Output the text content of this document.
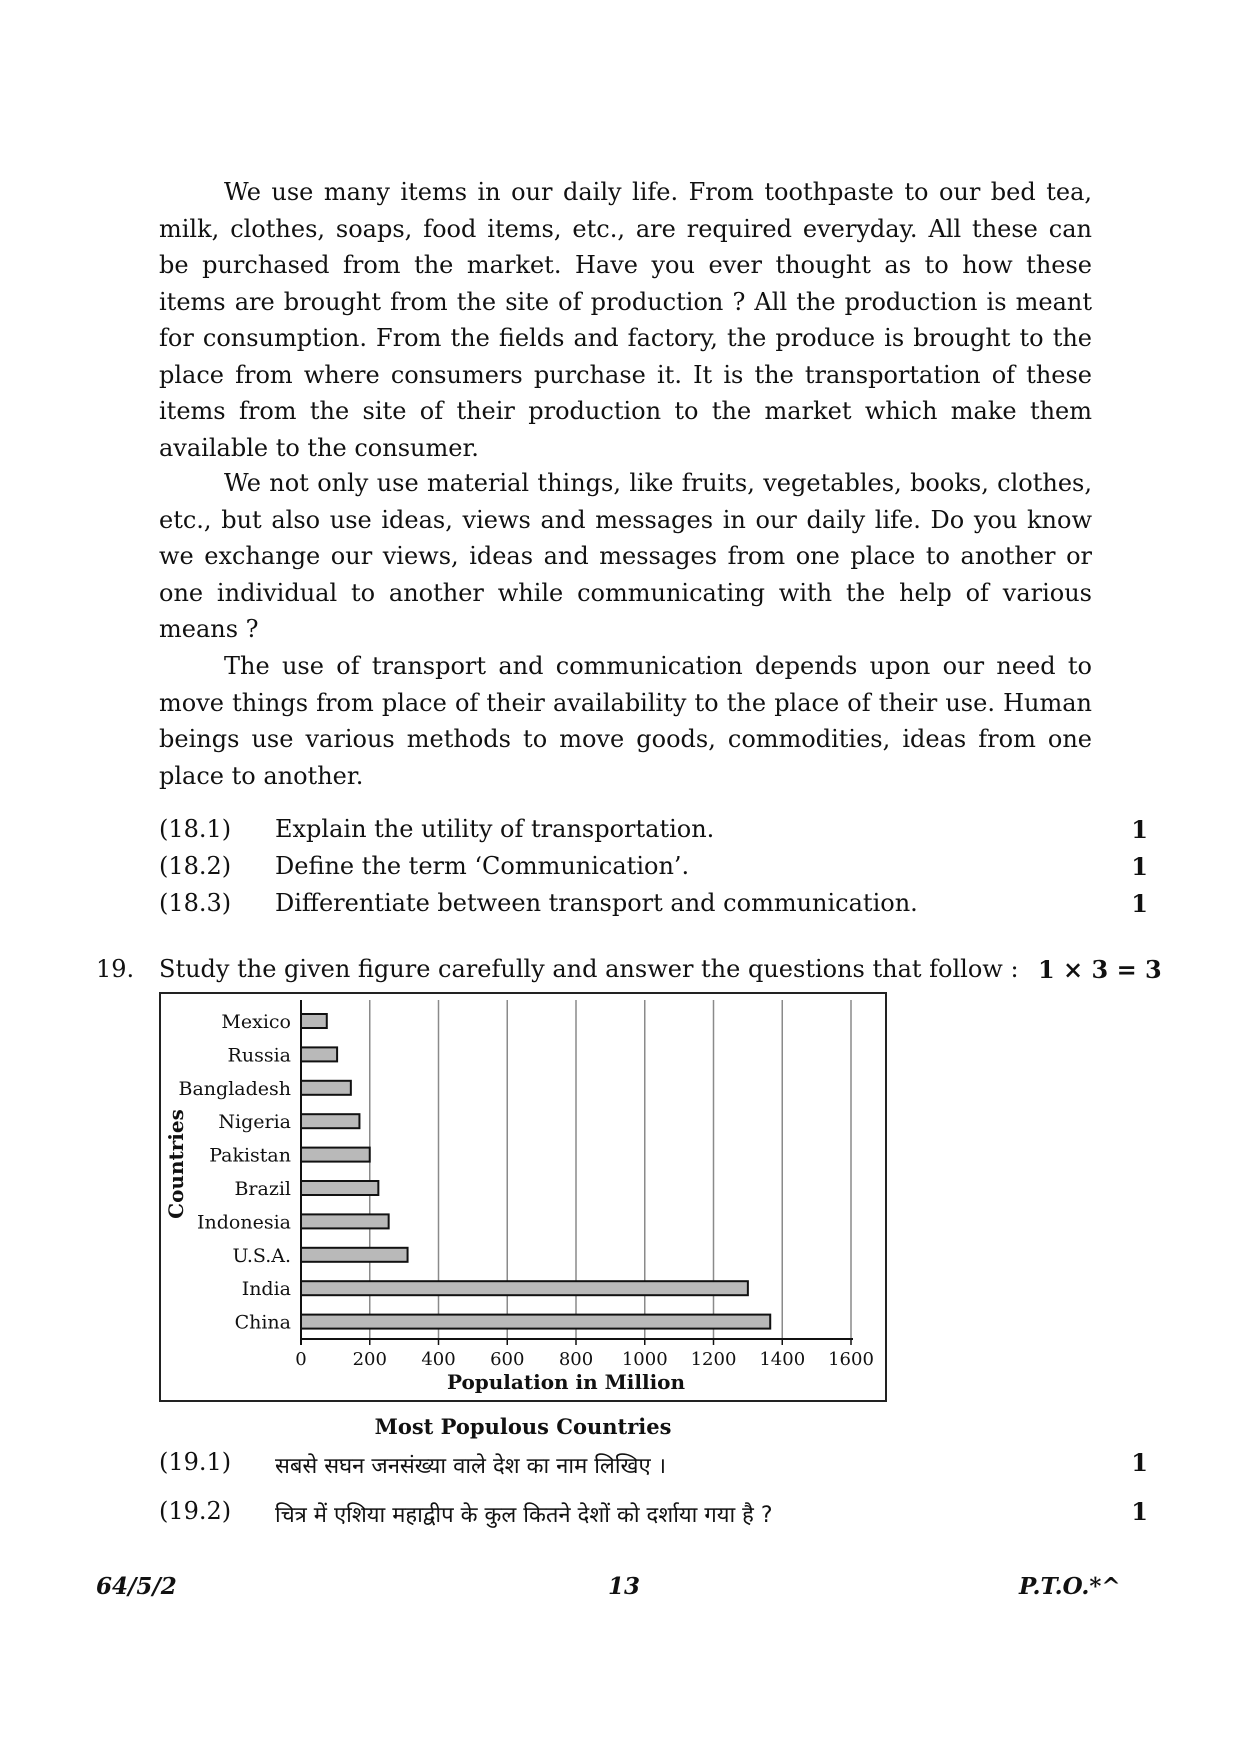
We use many items in our daily life. From toothpaste to our bed tea, milk, clothes, soaps, food items, etc., are required everyday. All these can be purchased from the market. Have you ever thought as to how these items are brought from the site of production ? All the production is meant for consumption. From the fields and factory, the produce is brought to the place from where consumers purchase it. It is the transportation of these items from the site of their production to the market which make them available to the consumer.

We not only use material things, like fruits, vegetables, books, clothes, etc., but also use ideas, views and messages in our daily life. Do you know we exchange our views, ideas and messages from one place to another or one individual to another while communicating with the help of various means ?

The use of transport and communication depends upon our need to move things from place of their availability to the place of their use. Human beings use various methods to move goods, commodities, ideas from one place to another.

(18.1) Explain the utility of transportation.	1
(18.2) Define the term ‘Communication’.	1
(18.3) Differentiate between transport and communication.	1
19. Study the given figure carefully and answer the questions that follow : 1 × 3 = 3
Mexico
Russia
Bangladesh
Nigeria
Pakistan
Brazil
Indonesia
U.S.A.
India
China
0	200 400 600 800 1000 1200 1400 1600
Population in Million
Countries
Most Populous Countries
(19.1) सबसे सघन जनसंख्या वाले देश का नाम लिखिए ।	1
(19.2) चित्र में एशिया महाद्वीप के कुल कितने देशों को दर्शाया गया है ?	1
64/5/2	13	P.T.O.*^
